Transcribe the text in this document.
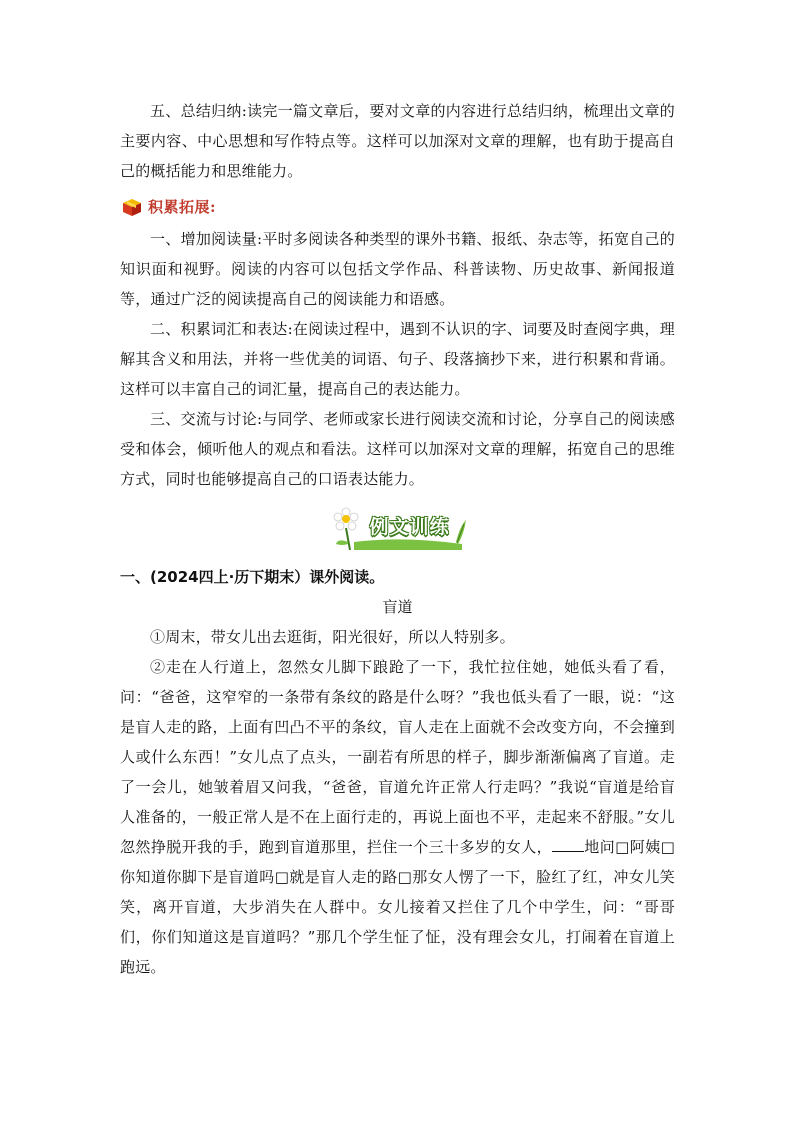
五、总结归纳:读完一篇文章后，要对文章的内容进行总结归纳，梳理出文章的主要内容、中心思想和写作特点等。这样可以加深对文章的理解，也有助于提高自己的概括能力和思维能力。

积累拓展:

一、增加阅读量:平时多阅读各种类型的课外书籍、报纸、杂志等，拓宽自己的知识面和视野。阅读的内容可以包括文学作品、科普读物、历史故事、新闻报道等，通过广泛的阅读提高自己的阅读能力和语感。

二、积累词汇和表达:在阅读过程中，遇到不认识的字、词要及时查阅字典，理解其含义和用法，并将一些优美的词语、句子、段落摘抄下来，进行积累和背诵。这样可以丰富自己的词汇量，提高自己的表达能力。

三、交流与讨论:与同学、老师或家长进行阅读交流和讨论，分享自己的阅读感受和体会，倾听他人的观点和看法。这样可以加深对文章的理解，拓宽自己的思维方式，同时也能够提高自己的口语表达能力。

例文训练

一、(2024四上·历下期末）课外阅读。

盲道

①周末，带女儿出去逛街，阳光很好，所以人特别多。

②走在人行道上，忽然女儿脚下踉跄了一下，我忙拉住她，她低头看了看，问：“爸爸，这窄窄的一条带有条纹的路是什么呀？”我也低头看了一眼，说：“这是盲人走的路，上面有凹凸不平的条纹，盲人走在上面就不会改变方向，不会撞到人或什么东西！”女儿点了点头，一副若有所思的样子，脚步渐渐偏离了盲道。走了一会儿，她皱着眉又问我，“爸爸，盲道允许正常人行走吗？”我说“盲道是给盲人准备的，一般正常人是不在上面行走的，再说上面也不平，走起来不舒服。”女儿忽然挣脱开我的手，跑到盲道那里，拦住一个三十多岁的女人， 地问□阿姨□你知道你脚下是盲道吗□就是盲人走的路□那女人愣了一下，脸红了红，冲女儿笑笑，离开盲道，大步消失在人群中。女儿接着又拦住了几个中学生，问：“哥哥们，你们知道这是盲道吗？”那几个学生怔了怔，没有理会女儿，打闹着在盲道上跑远。
